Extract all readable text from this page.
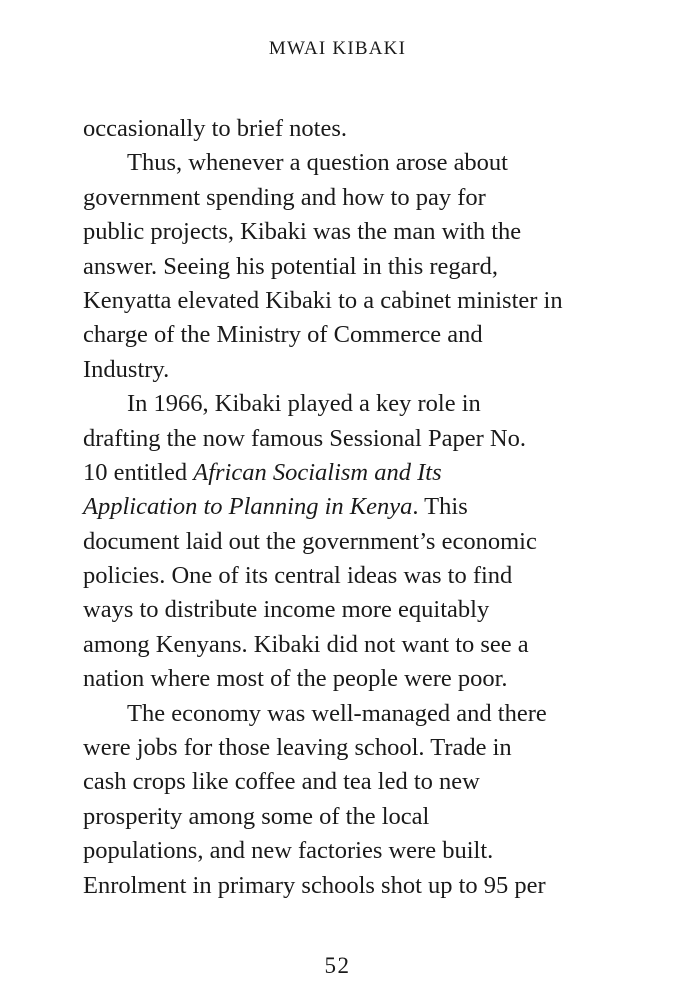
MWAI KIBAKI
occasionally to brief notes.
Thus, whenever a question arose about
government spending and how to pay for
public projects, Kibaki was the man with the
answer. Seeing his potential in this regard,
Kenyatta elevated Kibaki to a cabinet minister in
charge of the Ministry of Commerce and
Industry.
In 1966, Kibaki played a key role in
drafting the now famous Sessional Paper No.
10 entitled African Socialism and Its
Application to Planning in Kenya. This
document laid out the government’s economic
policies. One of its central ideas was to find
ways to distribute income more equitably
among Kenyans. Kibaki did not want to see a
nation where most of the people were poor.
The economy was well-managed and there
were jobs for those leaving school. Trade in
cash crops like coffee and tea led to new
prosperity among some of the local
populations, and new factories were built.
Enrolment in primary schools shot up to 95 per
52
